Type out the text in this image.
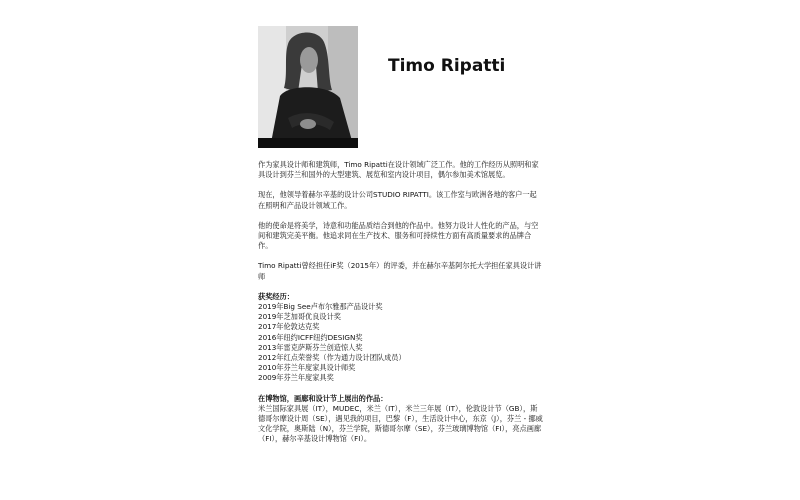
Timo Ripatti

作为家具设计师和建筑师，Timo Ripatti在设计领域广泛工作。他的工作经历从照明和家具设计到芬兰和国外的大型建筑、展览和室内设计项目，偶尔参加美术馆展览。

现在，他领导着赫尔辛基的设计公司STUDIO RIPATTI。该工作室与欧洲各地的客户一起在照明和产品设计领域工作。

他的使命是将美学，诗意和功能品质结合到他的作品中。他努力设计人性化的产品，与空间和建筑完美平衡。他追求同在生产技术、服务和可持续性方面有高质量要求的品牌合作。

Timo Ripatti曾经担任iF奖（2015年）的评委，并在赫尔辛基阿尔托大学担任家具设计讲师

获奖经历：
2019年Big See卢布尔雅那产品设计奖
2019年芝加哥优良设计奖
2017年伦敦达克奖
2016年纽约ICFF纽约DESIGN奖
2013年雷克萨斯芬兰创造惊人奖
2012年红点荣誉奖（作为通力设计团队成员）
2010年芬兰年度家具设计师奖
2009年芬兰年度家具奖
在博物馆，画廊和设计节上展出的作品：
米兰国际家具展（IT），MUDEC，米兰（IT），米兰三年展（IT），伦敦设计节（GB），斯德哥尔摩设计周（SE），遇见我的项目，巴黎（F），生活设计中心，东京（J），芬兰 - 挪威文化学院，奥斯陆（N），芬兰学院，斯德哥尔摩（SE），芬兰玻璃博物馆（FI），亮点画廊（FI），赫尔辛基设计博物馆（FI）。
